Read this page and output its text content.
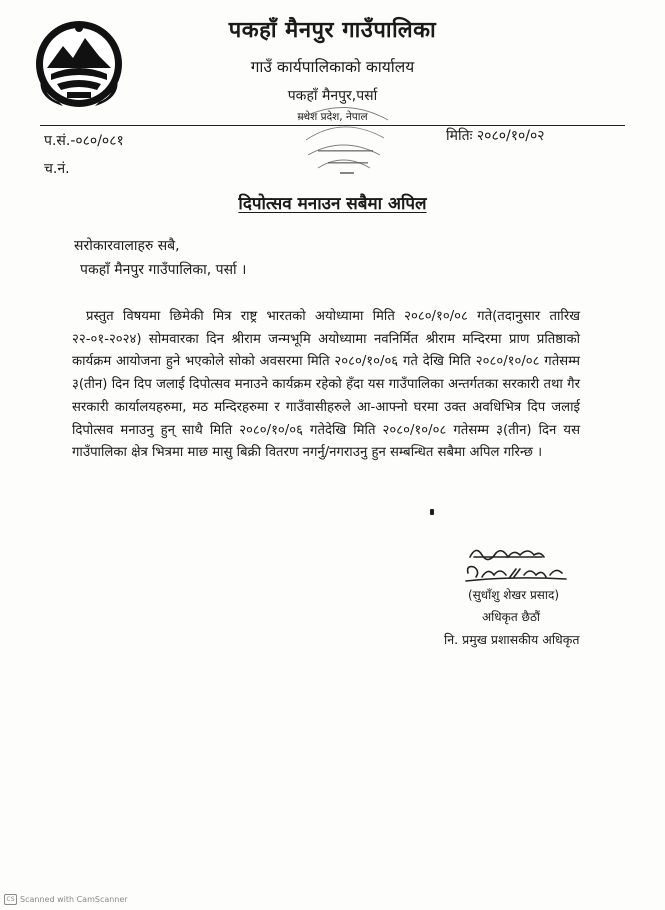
पकहाँ मैनपुर गाउँपालिका
गाउँ कार्यपालिकाको कार्यालय
पकहाँ मैनपुर,पर्सा
मधेश प्रदेश, नेपाल
प.सं.-०८०/०८१
च.नं.
मितिः २०८०/१०/०२
दिपोत्सव मनाउन सबैमा अपिल
सरोकारवालाहरु सबै,
पकहाँ मैनपुर गाउँपालिका, पर्सा ।

प्रस्तुत विषयमा छिमेकी मित्र राष्ट्र भारतको अयोध्यामा मिति २०८०/१०/०८ गते(तदानुसार तारिख २२-०१-२०२४) सोमवारका दिन श्रीराम जन्मभूमि अयोध्यामा नवनिर्मित श्रीराम मन्दिरमा प्राण प्रतिष्ठाको कार्यक्रम आयोजना हुने भएकोले सोको अवसरमा मिति २०८०/१०/०६ गते देखि मिति २०८०/१०/०८ गतेसम्म ३(तीन) दिन दिप जलाई दिपोत्सव मनाउने कार्यक्रम रहेको हँदा यस गाउँपालिका अन्तर्गतका सरकारी तथा गैर सरकारी कार्यालयहरुमा, मठ मन्दिरहरुमा र गाउँवासीहरुले आ-आफ्नो घरमा उक्त अवधिभित्र दिप जलाई दिपोत्सव मनाउनु हुन् साथै मिति २०८०/१०/०६ गतेदेखि मिति २०८०/१०/०८ गतेसम्म ३(तीन) दिन यस गाउँपालिका क्षेत्र भित्रमा माछ मासु बिक्री वितरण नगर्नु/नगराउनु हुन सम्बन्धित सबैमा अपिल गरिन्छ ।

(सुधाँशु शेखर प्रसाद)
अधिकृत छैठौं
नि. प्रमुख प्रशासकीय अधिकृत
CS Scanned with CamScanner
